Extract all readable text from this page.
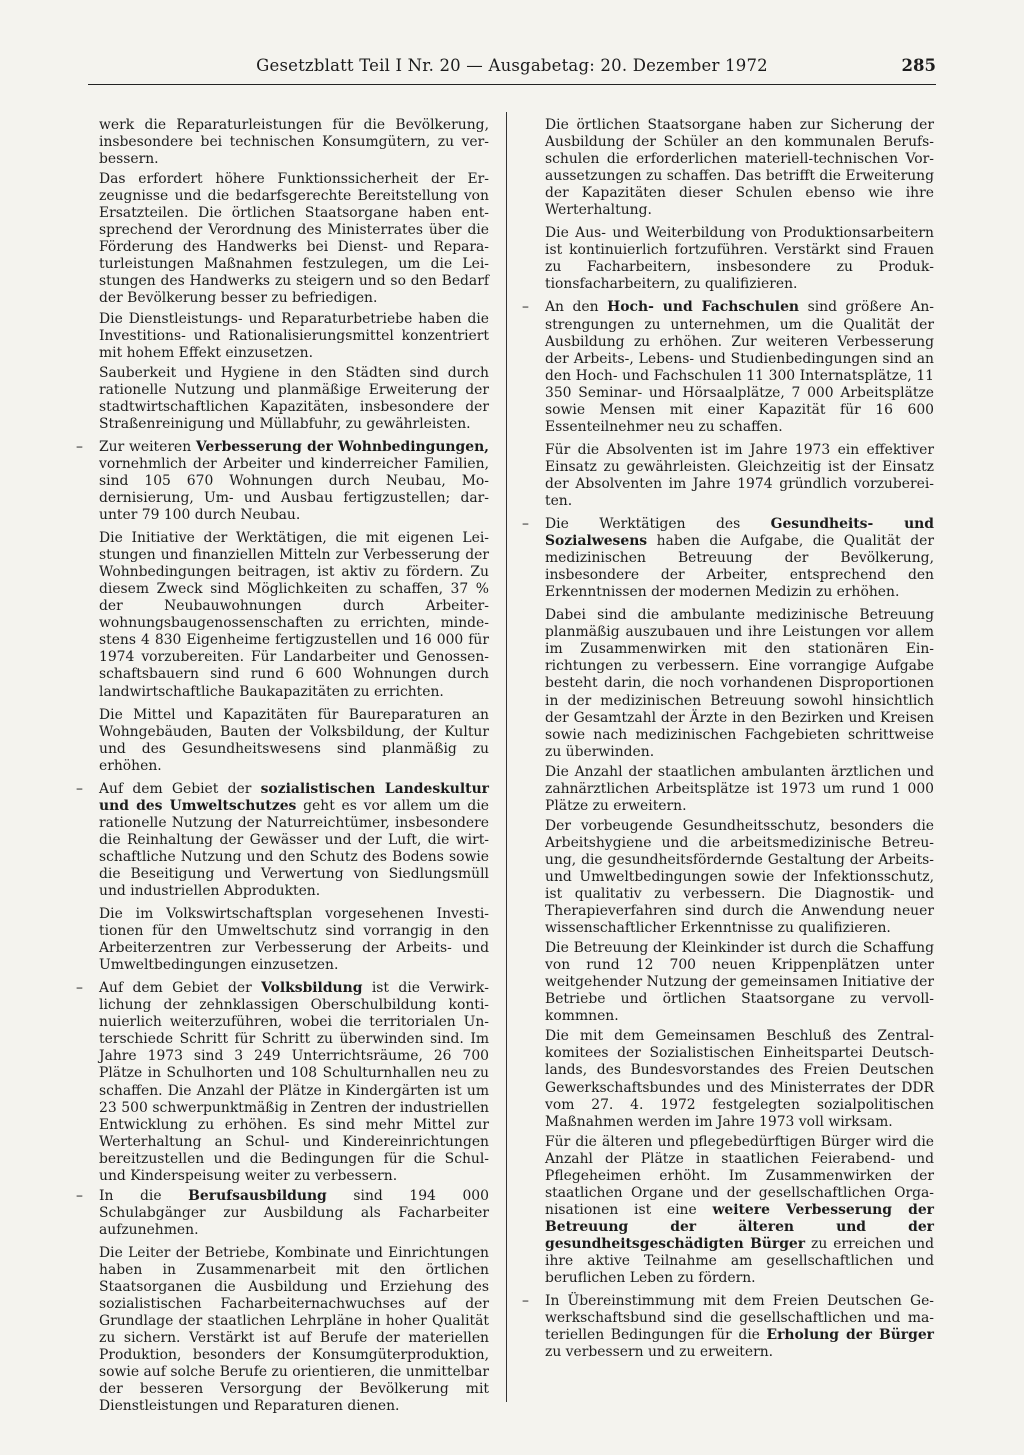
Gesetzblatt Teil I Nr. 20 — Ausgabetag: 20. Dezember 1972	285

werk die Reparaturleistungen für die Bevölkerung, insbesondere bei technischen Konsumgütern, zu verbessern.

Das erfordert höhere Funktionssicherheit der Erzeugnisse und die bedarfsgerechte Bereitstellung von Ersatzteilen. Die örtlichen Staatsorgane haben entsprechend der Verordnung des Ministerrates über die Förderung des Handwerks bei Dienst- und Reparaturleistungen Maßnahmen festzulegen, um die Leistungen des Handwerks zu steigern und so den Bedarf der Bevölkerung besser zu befriedigen.

Die Dienstleistungs- und Reparaturbetriebe haben die Investitions- und Rationalisierungsmittel konzentriert mit hohem Effekt einzusetzen.

Sauberkeit und Hygiene in den Städten sind durch rationelle Nutzung und planmäßige Erweiterung der stadtwirtschaftlichen Kapazitäten, insbesondere der Straßenreinigung und Müllabfuhr, zu gewährleisten.

– Zur weiteren Verbesserung der Wohnbedingungen, vornehmlich der Arbeiter und kinderreicher Familien, sind 105 670 Wohnungen durch Neubau, Modernisierung, Um- und Ausbau fertigzustellen; darunter 79 100 durch Neubau.

Die Initiative der Werktätigen, die mit eigenen Leistungen und finanziellen Mitteln zur Verbesserung der Wohnbedingungen beitragen, ist aktiv zu fördern. Zu diesem Zweck sind Möglichkeiten zu schaffen, 37 % der Neubauwohnungen durch Arbeiterwohnungsbaugenossenschaften zu errichten, mindestens 4 830 Eigenheime fertigzustellen und 16 000 für 1974 vorzubereiten. Für Landarbeiter und Genossenschaftsbauern sind rund 6 600 Wohnungen durch landwirtschaftliche Baukapazitäten zu errichten.

Die Mittel und Kapazitäten für Baureparaturen an Wohngebäuden, Bauten der Volksbildung, der Kultur und des Gesundheitswesens sind planmäßig zu erhöhen.

– Auf dem Gebiet der sozialistischen Landeskultur und des Umweltschutzes geht es vor allem um die rationelle Nutzung der Naturreichtümer, insbesondere die Reinhaltung der Gewässer und der Luft, die wirtschaftliche Nutzung und den Schutz des Bodens sowie die Beseitigung und Verwertung von Siedlungsmüll und industriellen Abprodukten.

Die im Volkswirtschaftsplan vorgesehenen Investitionen für den Umweltschutz sind vorrangig in den Arbeiterzentren zur Verbesserung der Arbeits- und Umweltbedingungen einzusetzen.

– Auf dem Gebiet der Volksbildung ist die Verwirklichung der zehnklassigen Oberschulbildung kontinuierlich weiterzuführen, wobei die territorialen Unterschiede Schritt für Schritt zu überwinden sind. Im Jahre 1973 sind 3 249 Unterrichtsräume, 26 700 Plätze in Schulhorten und 108 Schulturnhallen neu zu schaffen. Die Anzahl der Plätze in Kindergärten ist um 23 500 schwerpunktmäßig in Zentren der industriellen Entwicklung zu erhöhen. Es sind mehr Mittel zur Werterhaltung an Schul- und Kindereinrichtungen bereitzustellen und die Bedingungen für die Schul- und Kinderspeisung weiter zu verbessern.

– In die Berufsausbildung sind 194 000 Schulabgänger zur Ausbildung als Facharbeiter aufzunehmen.

Die Leiter der Betriebe, Kombinate und Einrichtungen haben in Zusammenarbeit mit den örtlichen Staatsorganen die Ausbildung und Erziehung des sozialistischen Facharbeiternachwuchses auf der Grundlage der staatlichen Lehrpläne in hoher Qualität zu sichern. Verstärkt ist auf Berufe der materiellen Produktion, besonders der Konsumgüterproduktion, sowie auf solche Berufe zu orientieren, die unmittelbar der besseren Versorgung der Bevölkerung mit Dienstleistungen und Reparaturen dienen.

Die örtlichen Staatsorgane haben zur Sicherung der Ausbildung der Schüler an den kommunalen Berufsschulen die erforderlichen materiell-technischen Voraussetzungen zu schaffen. Das betrifft die Erweiterung der Kapazitäten dieser Schulen ebenso wie ihre Werterhaltung.

Die Aus- und Weiterbildung von Produktionsarbeitern ist kontinuierlich fortzuführen. Verstärkt sind Frauen zu Facharbeitern, insbesondere zu Produktionsfacharbeitern, zu qualifizieren.

– An den Hoch- und Fachschulen sind größere Anstrengungen zu unternehmen, um die Qualität der Ausbildung zu erhöhen. Zur weiteren Verbesserung der Arbeits-, Lebens- und Studienbedingungen sind an den Hoch- und Fachschulen 11 300 Internatsplätze, 11 350 Seminar- und Hörsaalplätze, 7 000 Arbeitsplätze sowie Mensen mit einer Kapazität für 16 600 Essenteilnehmer neu zu schaffen.

Für die Absolventen ist im Jahre 1973 ein effektiver Einsatz zu gewährleisten. Gleichzeitig ist der Einsatz der Absolventen im Jahre 1974 gründlich vorzubereiten.

– Die Werktätigen des Gesundheits- und Sozialwesens haben die Aufgabe, die Qualität der medizinischen Betreuung der Bevölkerung, insbesondere der Arbeiter, entsprechend den Erkenntnissen der modernen Medizin zu erhöhen.

Dabei sind die ambulante medizinische Betreuung planmäßig auszubauen und ihre Leistungen vor allem im Zusammenwirken mit den stationären Einrichtungen zu verbessern. Eine vorrangige Aufgabe besteht darin, die noch vorhandenen Disproportionen in der medizinischen Betreuung sowohl hinsichtlich der Gesamtzahl der Ärzte in den Bezirken und Kreisen sowie nach medizinischen Fachgebieten schrittweise zu überwinden.

Die Anzahl der staatlichen ambulanten ärztlichen und zahnärztlichen Arbeitsplätze ist 1973 um rund 1 000 Plätze zu erweitern.

Der vorbeugende Gesundheitsschutz, besonders die Arbeitshygiene und die arbeitsmedizinische Betreuung, die gesundheitsfördernde Gestaltung der Arbeits- und Umweltbedingungen sowie der Infektionsschutz, ist qualitativ zu verbessern. Die Diagnostik- und Therapieverfahren sind durch die Anwendung neuer wissenschaftlicher Erkenntnisse zu qualifizieren.

Die Betreuung der Kleinkinder ist durch die Schaffung von rund 12 700 neuen Krippenplätzen unter weitgehender Nutzung der gemeinsamen Initiative der Betriebe und örtlichen Staatsorgane zu vervollkommnen.

Die mit dem Gemeinsamen Beschluß des Zentralkomitees der Sozialistischen Einheitspartei Deutschlands, des Bundesvorstandes des Freien Deutschen Gewerkschaftsbundes und des Ministerrates der DDR vom 27. 4. 1972 festgelegten sozialpolitischen Maßnahmen werden im Jahre 1973 voll wirksam.

Für die älteren und pflegebedürftigen Bürger wird die Anzahl der Plätze in staatlichen Feierabend- und Pflegeheimen erhöht. Im Zusammenwirken der staatlichen Organe und der gesellschaftlichen Organisationen ist eine weitere Verbesserung der Betreuung der älteren und der gesundheitsgeschädigten Bürger zu erreichen und ihre aktive Teilnahme am gesellschaftlichen und beruflichen Leben zu fördern.

– In Übereinstimmung mit dem Freien Deutschen Gewerkschaftsbund sind die gesellschaftlichen und materiellen Bedingungen für die Erholung der Bürger zu verbessern und zu erweitern.
